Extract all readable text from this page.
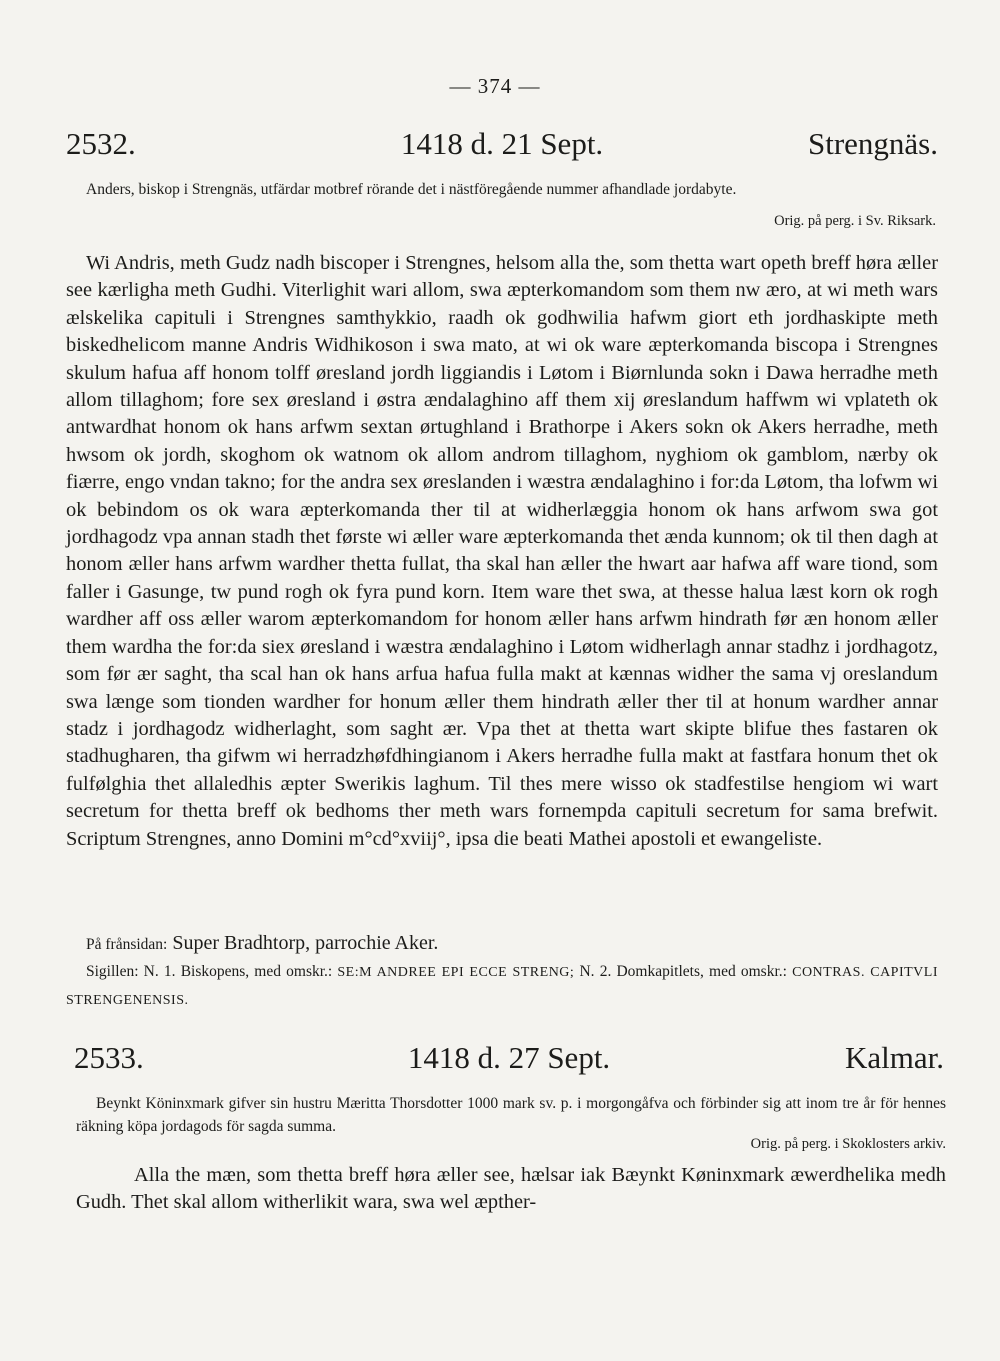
— 374 —
2532.	1418 d. 21 Sept.	Strengnäs.
Anders, biskop i Strengnäs, utfärdar motbref rörande det i nästföregående nummer afhandlade jordabyte.
Orig. på perg. i Sv. Riksark.

Wi Andris, meth Gudz nadh biscoper i Strengnes, helsom alla the, som thetta wart opeth breff høra æller see kærligha meth Gudhi. Viterlighit wari allom, swa æpterkomandom som them nw æro, at wi meth wars ælskelika capituli i Strengnes samthykkio, raadh ok godhwilia hafwm giort eth jordhaskipte meth biskedhelicom manne Andris Widhikoson i swa mato, at wi ok ware æpterkomanda biscopa i Strengnes skulum hafua aff honom tolff øresland jordh liggiandis i Løtom i Biørnlunda sokn i Dawa herradhe meth allom tillaghom; fore sex øresland i østra ændalaghino aff them xij øreslandum haffwm wi vplateth ok antwardhat honom ok hans arfwm sextan ørtughland i Brathorpe i Akers sokn ok Akers herradhe, meth hwsom ok jordh, skoghom ok watnom ok allom androm tillaghom, nyghiom ok gamblom, nærby ok fiærre, engo vndan takno; for the andra sex øreslanden i wæstra ændalaghino i for:da Løtom, tha lofwm wi ok bebindom os ok wara æpterkomanda ther til at widherlæggia honom ok hans arfwom swa got jordhagodz vpa annan stadh thet første wi æller ware æpterkomanda thet ænda kunnom; ok til then dagh at honom æller hans arfwm wardher thetta fullat, tha skal han æller the hwart aar hafwa aff ware tiond, som faller i Gasunge, tw pund rogh ok fyra pund korn. Item ware thet swa, at thesse halua læst korn ok rogh wardher aff oss æller warom æpterkomandom for honom æller hans arfwm hindrath før æn honom æller them wardha the for:da siex øresland i wæstra ændalaghino i Løtom widherlagh annar stadhz i jordhagotz, som før ær saght, tha scal han ok hans arfua hafua fulla makt at kænnas widher the sama vj oreslandum swa længe som tionden wardher for honum æller them hindrath æller ther til at honum wardher annar stadz i jordhagodz widherlaght, som saght ær. Vpa thet at thetta wart skipte blifue thes fastaren ok stadhugharen, tha gifwm wi herradzhøfdhingianom i Akers herradhe fulla makt at fastfara honum thet ok fulfølghia thet allaledhis æpter Swerikis laghum. Til thes mere wisso ok stadfestilse hengiom wi wart secretum for thetta breff ok bedhoms ther meth wars fornempda capituli secretum for sama brefwit. Scriptum Strengnes, anno Domini m°cd°xviij°, ipsa die beati Mathei apostoli et ewangeliste.

På frånsidan: Super Bradhtorp, parrochie Aker.
Sigillen: N. 1. Biskopens, med omskr.: SE:M ANDREE EPI ECCE STRENG; N. 2. Domkapitlets, med omskr.: CONTRAS. CAPITVLI STRENGENENSIS.
2533.	1418 d. 27 Sept.	Kalmar.
Beynkt Köninxmark gifver sin hustru Mæritta Thorsdotter 1000 mark sv. p. i morgongåfva och förbinder sig att inom tre år för hennes räkning köpa jordagods för sagda summa.
Orig. på perg. i Skoklosters arkiv.

Alla the mæn, som thetta breff høra æller see, hælsar iak Bæynkt Køninxmark æwerdhelika medh Gudh. Thet skal allom witherlikit wara, swa wel æpther-
